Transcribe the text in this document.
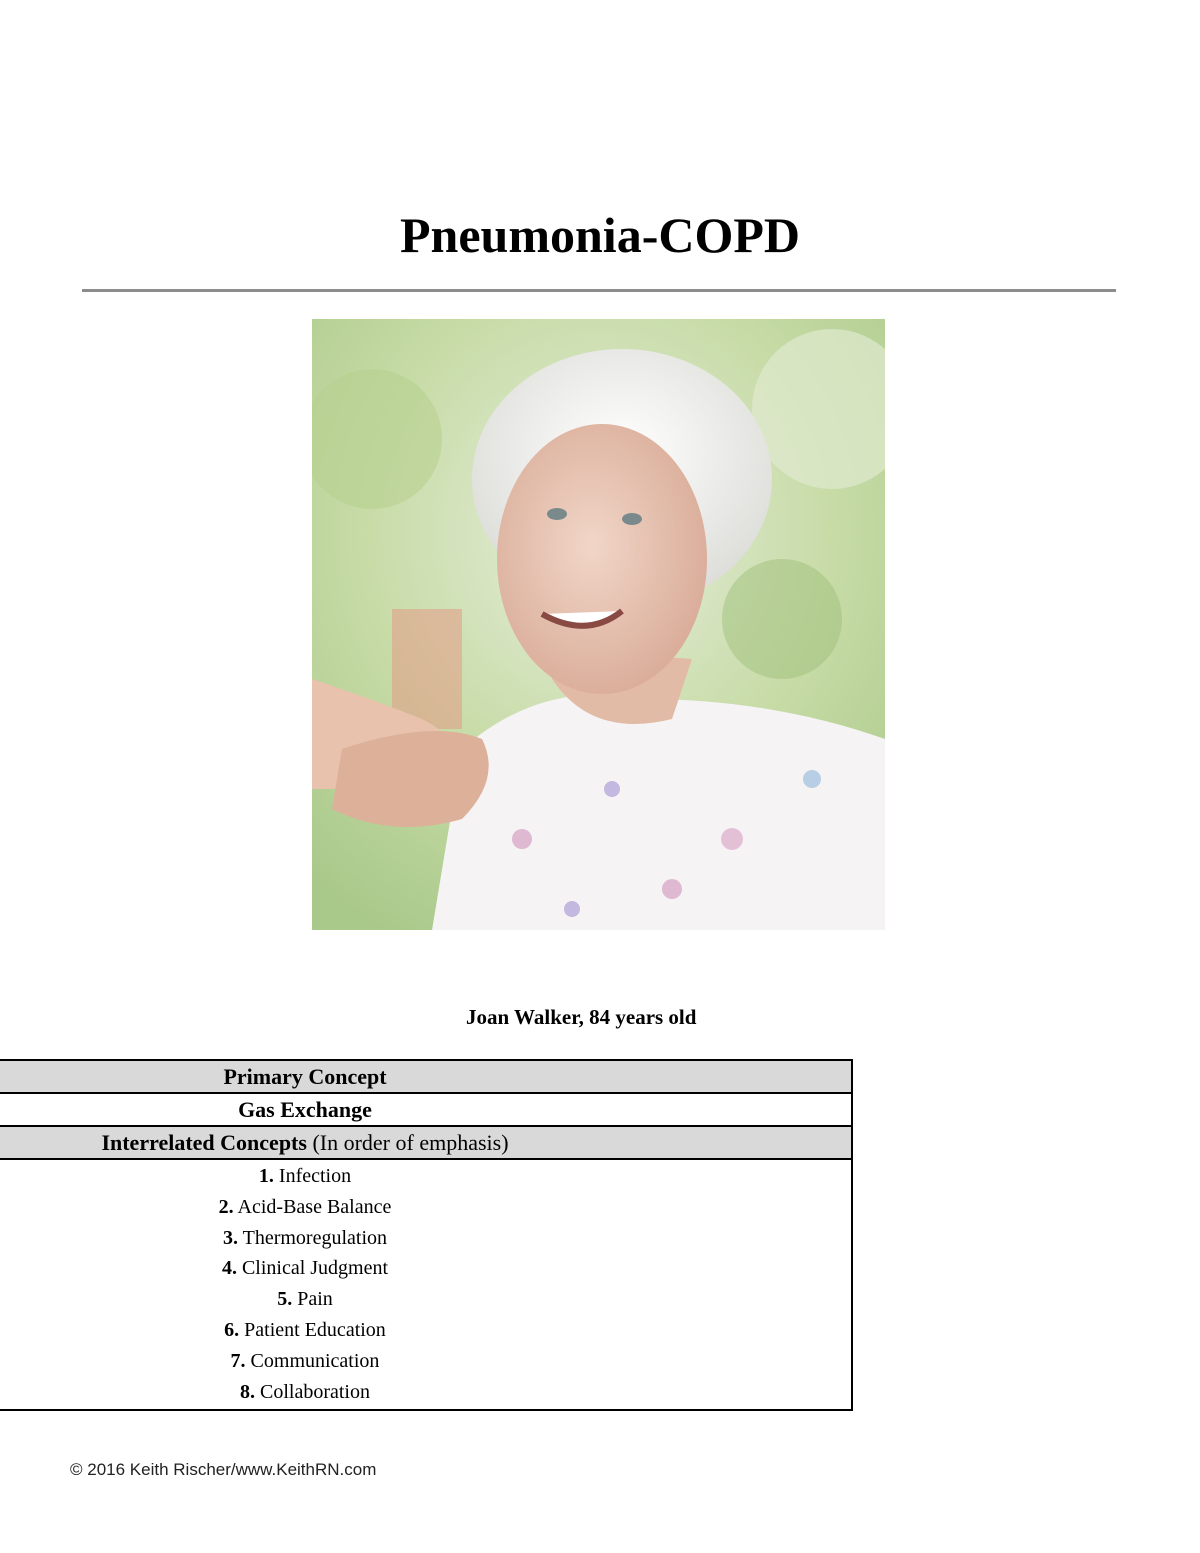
Pneumonia-COPD
Joan Walker, 84 years old
Primary Concept
Gas Exchange
Interrelated Concepts (In order of emphasis)
1. Infection
2. Acid-Base Balance
3. Thermoregulation
4. Clinical Judgment
5. Pain
6. Patient Education
7. Communication
8. Collaboration
© 2016 Keith Rischer/www.KeithRN.com
